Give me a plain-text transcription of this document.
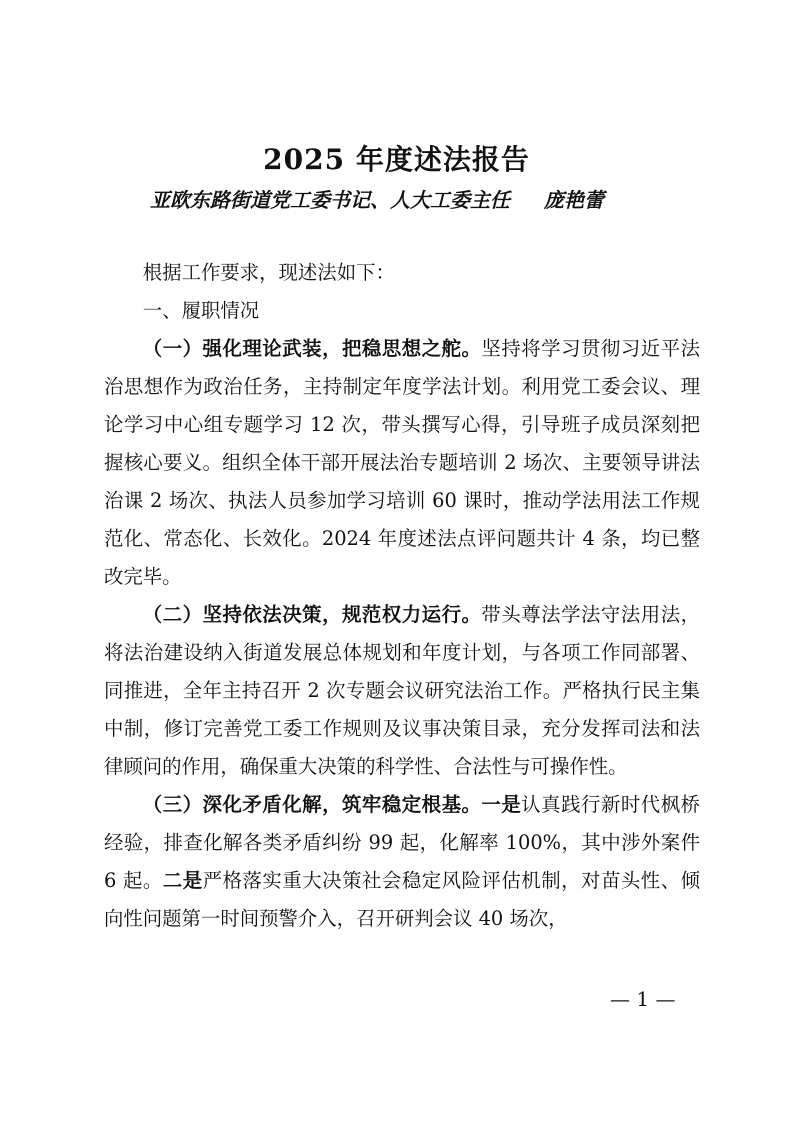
2025 年度述法报告
亚欧东路街道党工委书记、人大工委主任 庞艳蕾

根据工作要求，现述法如下：

一、履职情况

（一）强化理论武装，把稳思想之舵。坚持将学习贯彻习近平法治思想作为政治任务，主持制定年度学法计划。利用党工委会议、理论学习中心组专题学习 12 次，带头撰写心得，引导班子成员深刻把握核心要义。组织全体干部开展法治专题培训 2 场次、主要领导讲法治课 2 场次、执法人员参加学习培训 60 课时，推动学法用法工作规范化、常态化、长效化。2024 年度述法点评问题共计 4 条，均已整改完毕。

（二）坚持依法决策，规范权力运行。带头尊法学法守法用法，将法治建设纳入街道发展总体规划和年度计划，与各项工作同部署、同推进，全年主持召开 2 次专题会议研究法治工作。严格执行民主集中制，修订完善党工委工作规则及议事决策目录，充分发挥司法和法律顾问的作用，确保重大决策的科学性、合法性与可操作性。

（三）深化矛盾化解，筑牢稳定根基。一是认真践行新时代枫桥经验，排查化解各类矛盾纠纷 99 起，化解率 100%，其中涉外案件 6 起。二是严格落实重大决策社会稳定风险评估机制，对苗头性、倾向性问题第一时间预警介入，召开研判会议 40 场次，

— 1 —
